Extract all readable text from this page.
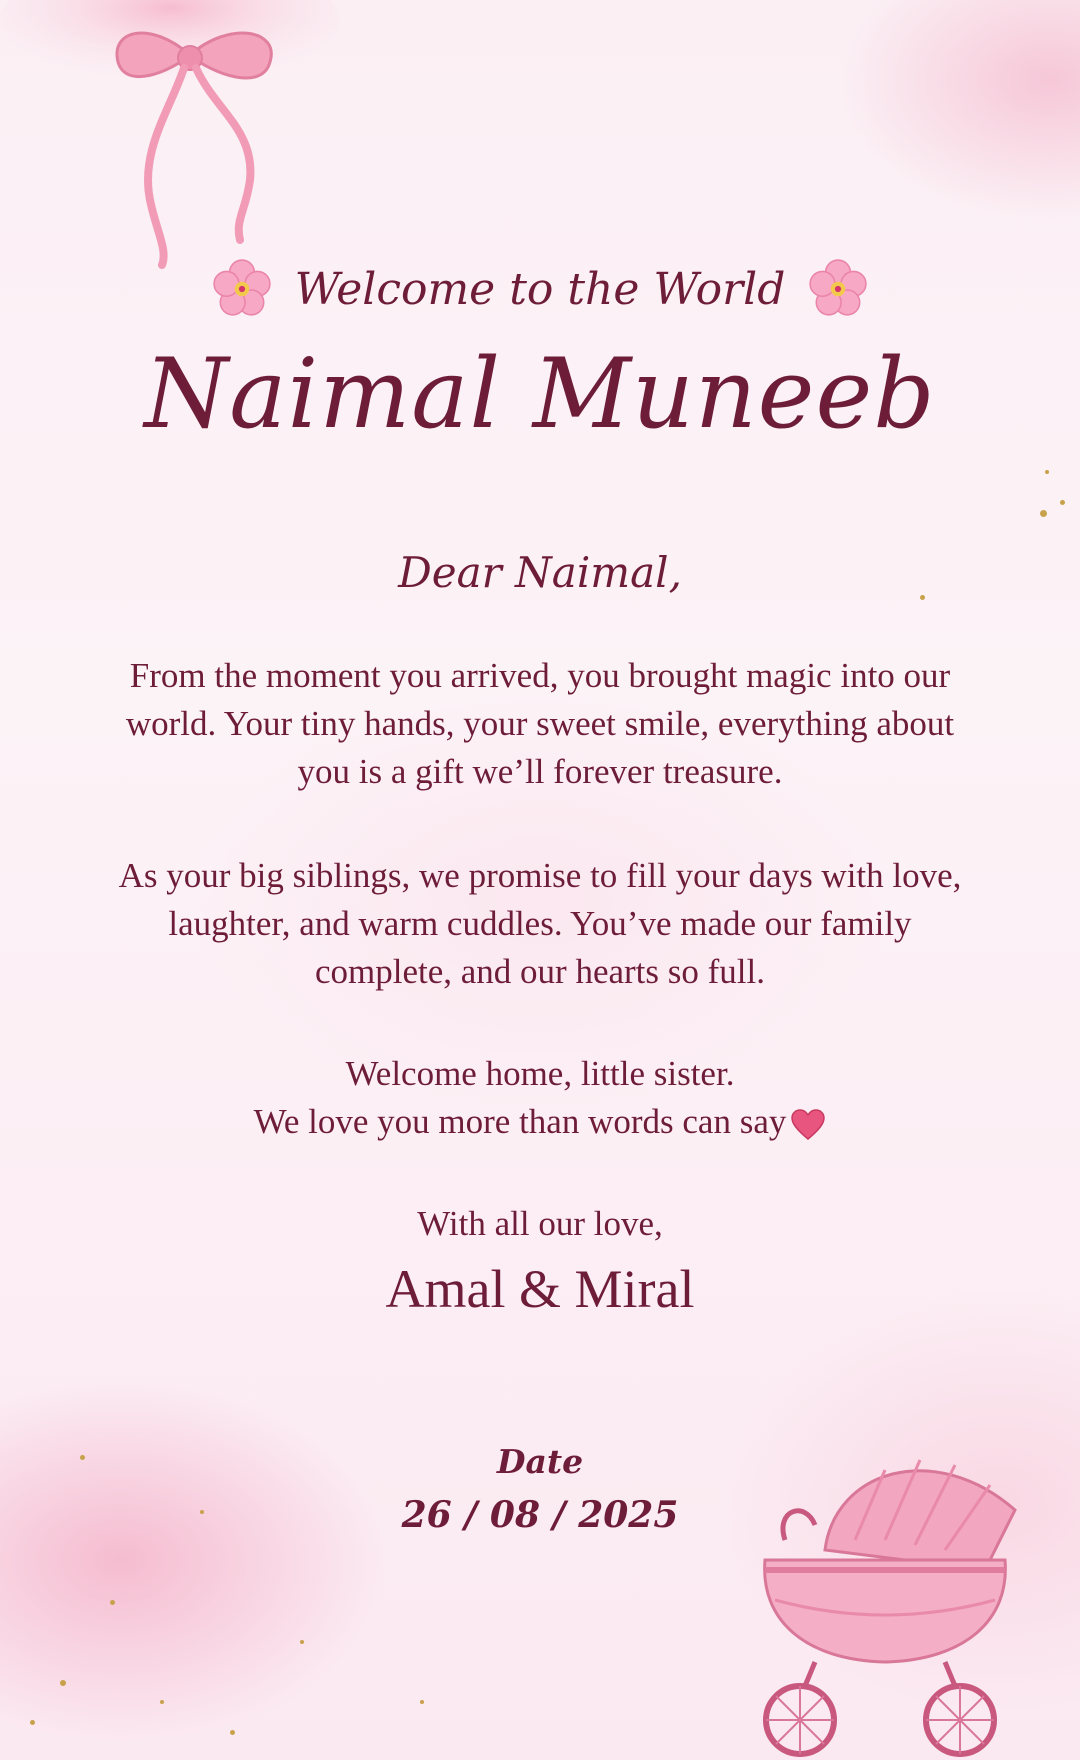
Welcome to the World
Naimal Muneeb
Dear Naimal,
From the moment you arrived, you brought magic into our
world. Your tiny hands, your sweet smile, everything about
you is a gift we’ll forever treasure.
As your big siblings, we promise to fill your days with love,
laughter, and warm cuddles. You’ve made our family
complete, and our hearts so full.
Welcome home, little sister.
We love you more than words can say
With all our love,
Amal & Miral
Date
26 / 08 / 2025
